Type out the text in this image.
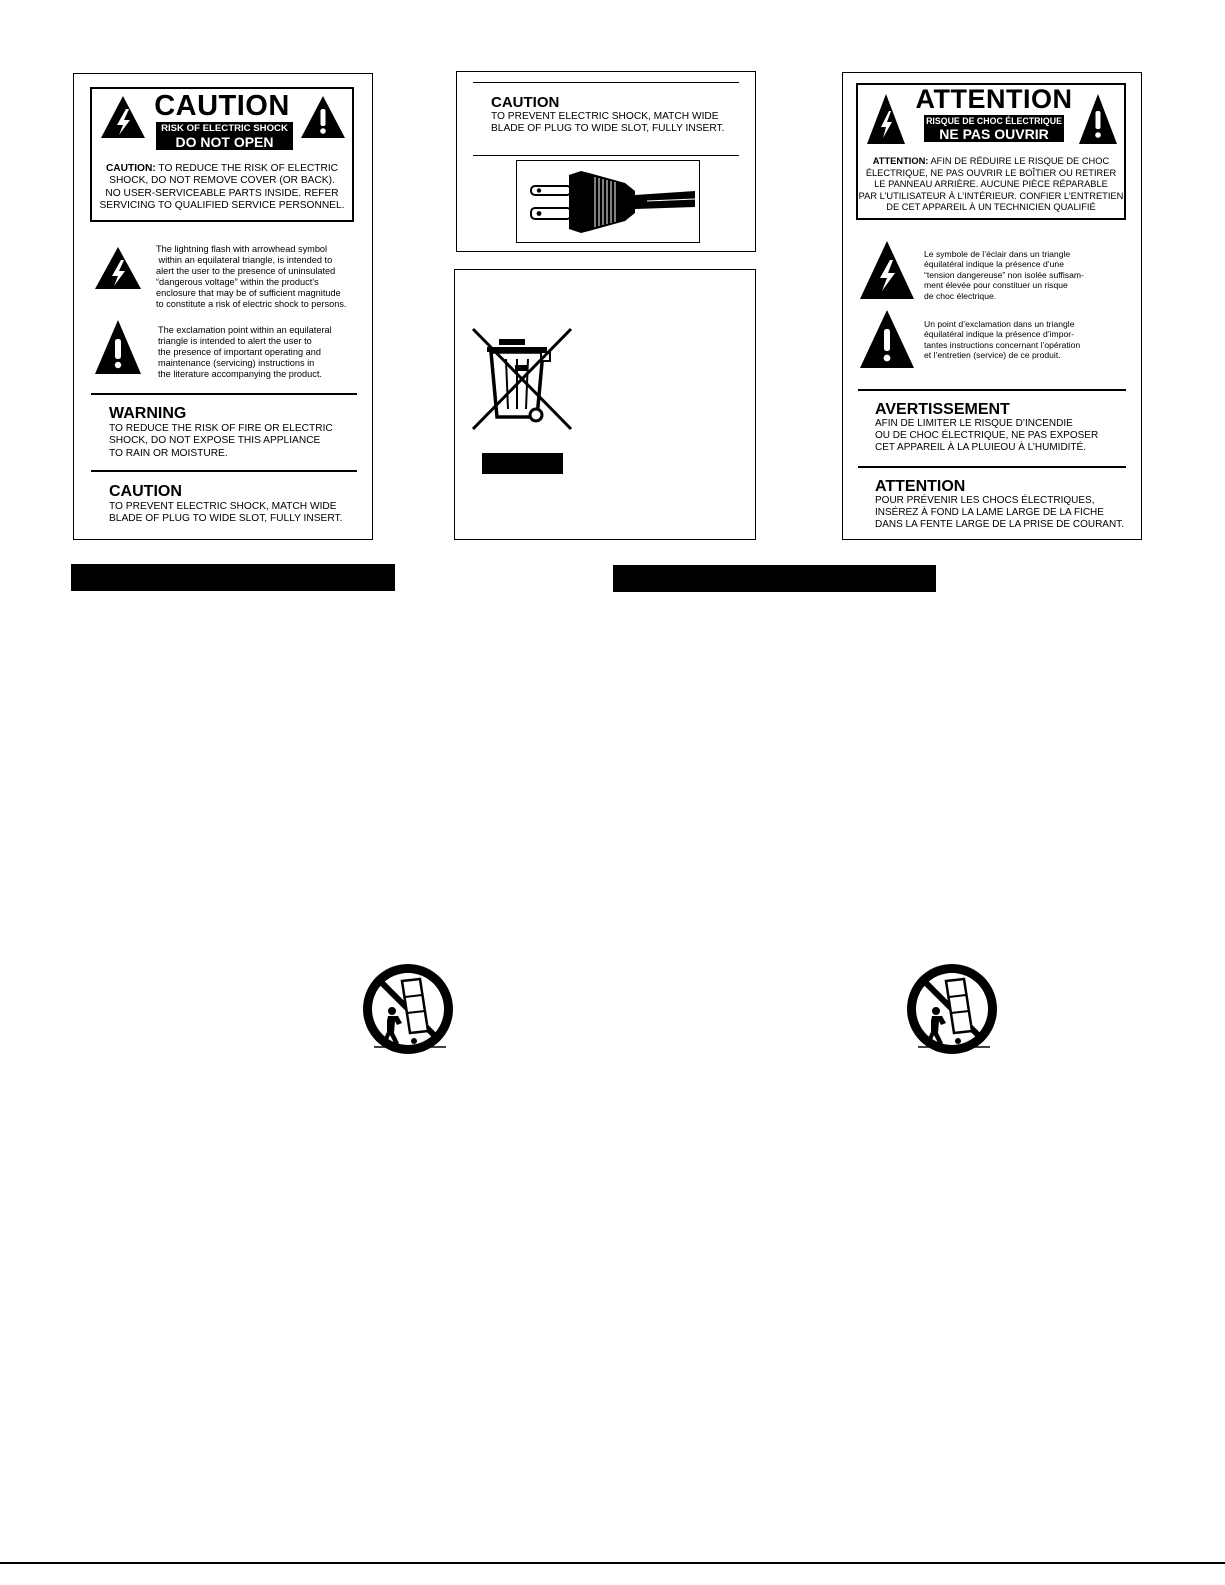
CAUTION
RISK OF ELECTRIC SHOCK
DO NOT OPEN
CAUTION: TO REDUCE THE RISK OF ELECTRIC
SHOCK, DO NOT REMOVE COVER (OR BACK).
NO USER-SERVICEABLE PARTS INSIDE. REFER
SERVICING TO QUALIFIED SERVICE PERSONNEL.
The lightning flash with arrowhead symbol
within an equilateral triangle, is intended to
alert the user to the presence of uninsulated
“dangerous voltage” within the product’s
enclosure that may be of sufficient magnitude
to constitute a risk of electric shock to persons.
The exclamation point within an equilateral
triangle is intended to alert the user to
the presence of important operating and
maintenance (servicing) instructions in
the literature accompanying the product.
WARNING
TO REDUCE THE RISK OF FIRE OR ELECTRIC
SHOCK, DO NOT EXPOSE THIS APPLIANCE
TO RAIN OR MOISTURE.
CAUTION
TO PREVENT ELECTRIC SHOCK, MATCH WIDE
BLADE OF PLUG TO WIDE SLOT, FULLY INSERT.
CAUTION
TO PREVENT ELECTRIC SHOCK, MATCH WIDE
BLADE OF PLUG TO WIDE SLOT, FULLY INSERT.
ATTENTION
RISQUE DE CHOC ÉLECTRIQUE
NE PAS OUVRIR
ATTENTION: AFIN DE RÉDUIRE LE RISQUE DE CHOC
ÉLECTRIQUE, NE PAS OUVRIR LE BOÎTIER OU RETIRER
LE PANNEAU ARRIÈRE. AUCUNE PIÈCE RÉPARABLE
PAR L’UTILISATEUR À L’INTÉRIEUR. CONFIER L’ENTRETIEN
DE CET APPAREIL À UN TECHNICIEN QUALIFIÉ
Le symbole de l’éclair dans un triangle
équilatéral indique la présence d’une
“tension dangereuse” non isolée suffisam-
ment élevée pour constituer un risque
de choc électrique.
Un point d’exclamation dans un triangle
équilatéral indique la présence d’impor-
tantes instructions concernant l’opération
et l’entretien (service) de ce produit.
AVERTISSEMENT
AFIN DE LIMITER LE RISQUE D’INCENDIE
OU DE CHOC ÉLECTRIQUE, NE PAS EXPOSER
CET APPAREIL À LA PLUIEOU À L’HUMIDITÉ.
ATTENTION
POUR PRÉVENIR LES CHOCS ÉLECTRIQUES,
INSÉREZ À FOND LA LAME LARGE DE LA FICHE
DANS LA FENTE LARGE DE LA PRISE DE COURANT.
